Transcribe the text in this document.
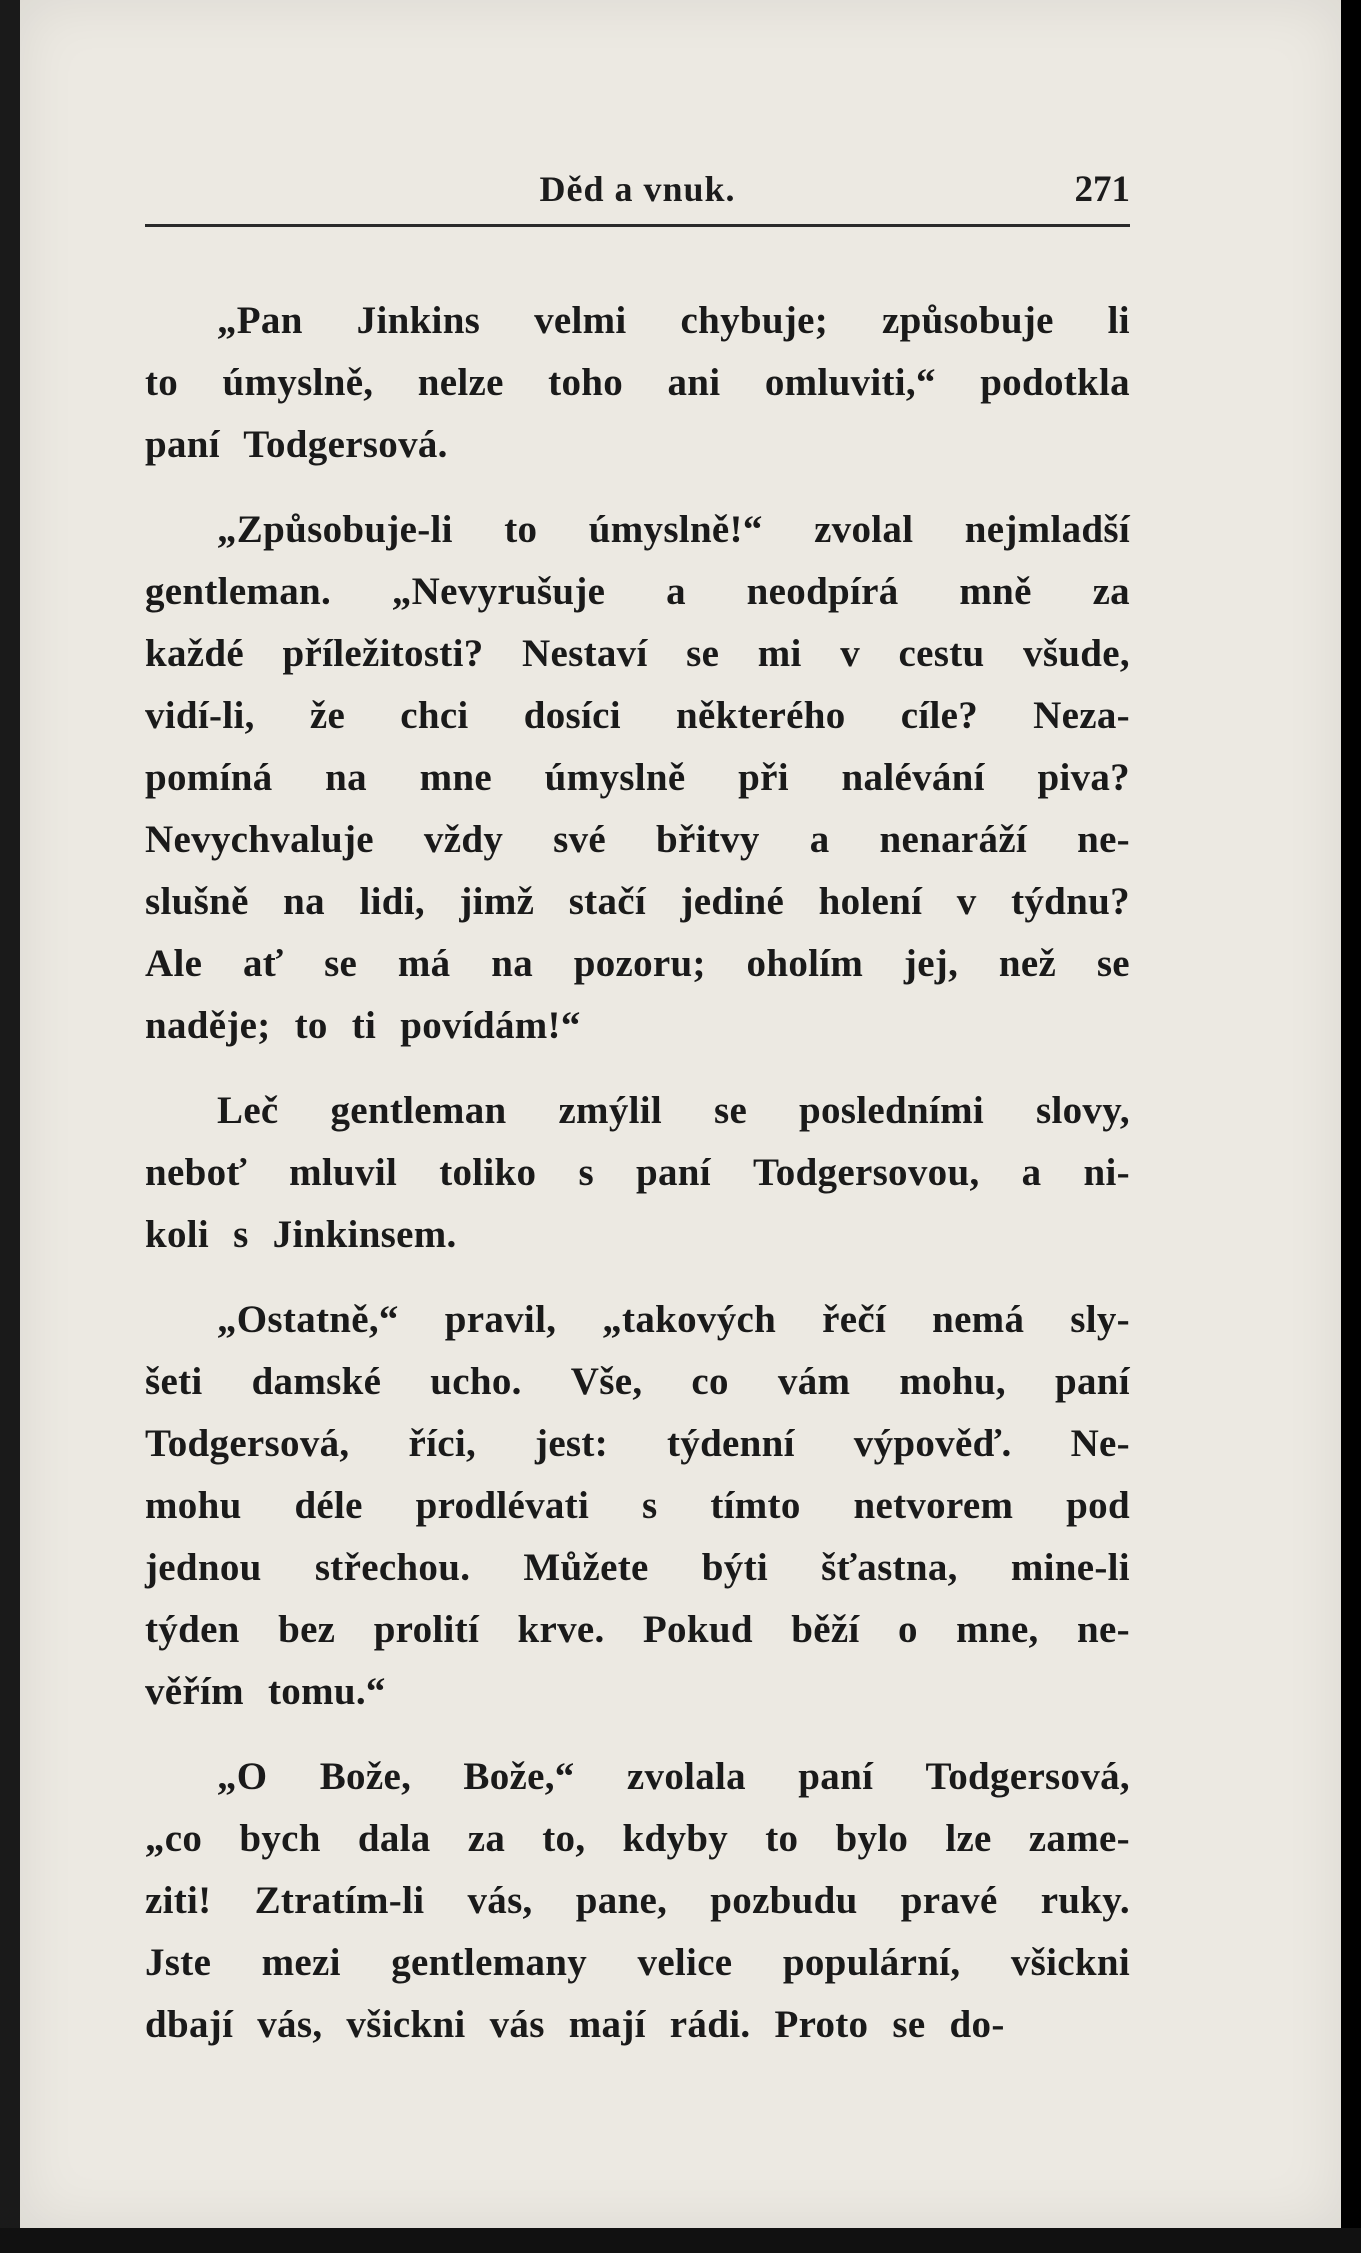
Děd a vnuk.	271
„Pan Jinkins velmi chybuje; způsobuje li
to úmyslně, nelze toho ani omluviti,“ podotkla
paní Todgersová.
„Způsobuje-li to úmyslně!“ zvolal nejmladší
gentleman. „Nevyrušuje a neodpírá mně za
každé příležitosti? Nestaví se mi v cestu všude,
vidí-li, že chci dosíci některého cíle? Neza-
pomíná na mne úmyslně při nalévání piva?
Nevychvaluje vždy své břitvy a nenaráží ne-
slušně na lidi, jimž stačí jediné holení v týdnu?
Ale ať se má na pozoru; oholím jej, než se
naděje; to ti povídám!“
Leč gentleman zmýlil se posledními slovy,
neboť mluvil toliko s paní Todgersovou, a ni-
koli s Jinkinsem.
„Ostatně,“ pravil, „takových řečí nemá sly-
šeti damské ucho. Vše, co vám mohu, paní
Todgersová, říci, jest: týdenní výpověď. Ne-
mohu déle prodlévati s tímto netvorem pod
jednou střechou. Můžete býti šťastna, mine-li
týden bez prolití krve. Pokud běží o mne, ne-
věřím tomu.“
„O Bože, Bože,“ zvolala paní Todgersová,
„co bych dala za to, kdyby to bylo lze zame-
ziti! Ztratím-li vás, pane, pozbudu pravé ruky.
Jste mezi gentlemany velice populární, všickni
dbají vás, všickni vás mají rádi. Proto se do-
